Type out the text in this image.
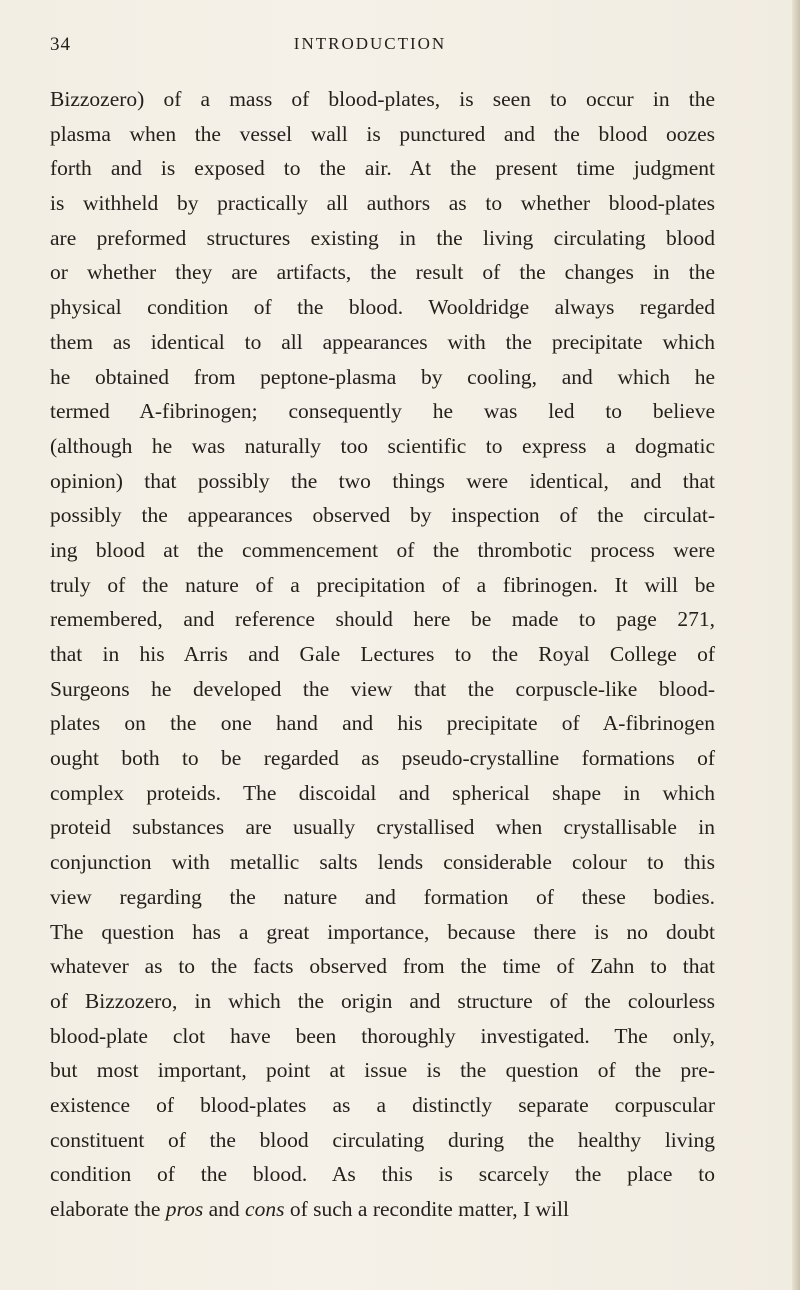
34	INTRODUCTION
Bizzozero) of a mass of blood-plates, is seen to occur in the
plasma when the vessel wall is punctured and the blood oozes
forth and is exposed to the air. At the present time judgment
is withheld by practically all authors as to whether blood-plates
are preformed structures existing in the living circulating blood
or whether they are artifacts, the result of the changes in the
physical condition of the blood. Wooldridge always regarded
them as identical to all appearances with the precipitate which
he obtained from peptone-plasma by cooling, and which he
termed A-fibrinogen; consequently he was led to believe
(although he was naturally too scientific to express a dogmatic
opinion) that possibly the two things were identical, and that
possibly the appearances observed by inspection of the circulat-
ing blood at the commencement of the thrombotic process were
truly of the nature of a precipitation of a fibrinogen. It will be
remembered, and reference should here be made to page 271,
that in his Arris and Gale Lectures to the Royal College of
Surgeons he developed the view that the corpuscle-like blood-
plates on the one hand and his precipitate of A-fibrinogen
ought both to be regarded as pseudo-crystalline formations of
complex proteids. The discoidal and spherical shape in which
proteid substances are usually crystallised when crystallisable in
conjunction with metallic salts lends considerable colour to this
view regarding the nature and formation of these bodies.
The question has a great importance, because there is no doubt
whatever as to the facts observed from the time of Zahn to that
of Bizzozero, in which the origin and structure of the colourless
blood-plate clot have been thoroughly investigated. The only,
but most important, point at issue is the question of the pre-
existence of blood-plates as a distinctly separate corpuscular
constituent of the blood circulating during the healthy living
condition of the blood. As this is scarcely the place to
elaborate the pros and cons of such a recondite matter, I will
